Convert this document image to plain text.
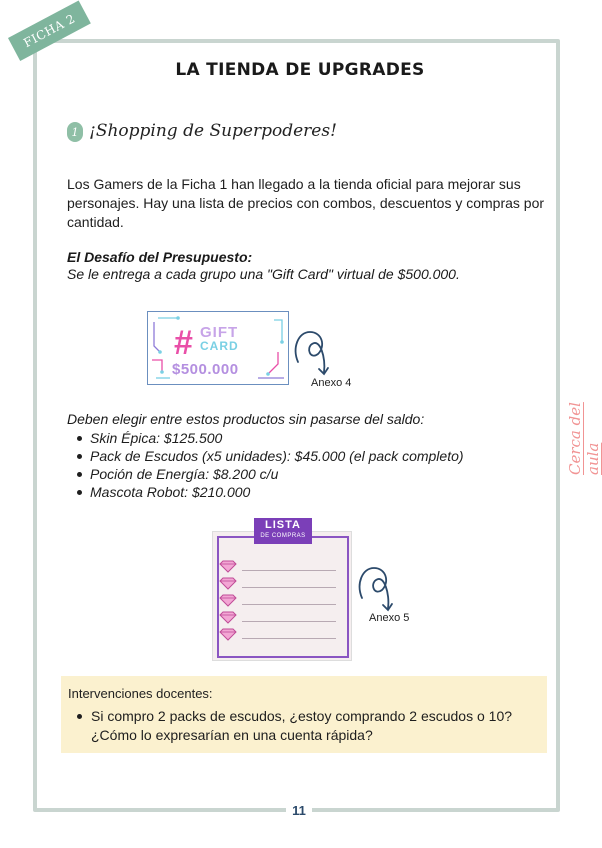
FICHA 2
LA TIENDA DE UPGRADES
1 ¡Shopping de Superpoderes!

Los Gamers de la Ficha 1 han llegado a la tienda oficial para mejorar sus personajes. Hay una lista de precios con combos, descuentos y compras por cantidad.

El Desafío del Presupuesto:
Se le entrega a cada grupo una "Gift Card" virtual de $500.000.
# GIFT
CARD
$500.000
Anexo 4
Deben elegir entre estos productos sin pasarse del saldo:
Skin Épica: $125.500
Pack de Escudos (x5 unidades): $45.000 (el pack completo)
Poción de Energía: $8.200 c/u
Mascota Robot: $210.000
LISTA
DE COMPRAS
Anexo 5
Intervenciones docentes:
Si compro 2 packs de escudos, ¿estoy comprando 2 escudos o 10? ¿Cómo lo expresarían en una cuenta rápida?
Cerca del aula
11
